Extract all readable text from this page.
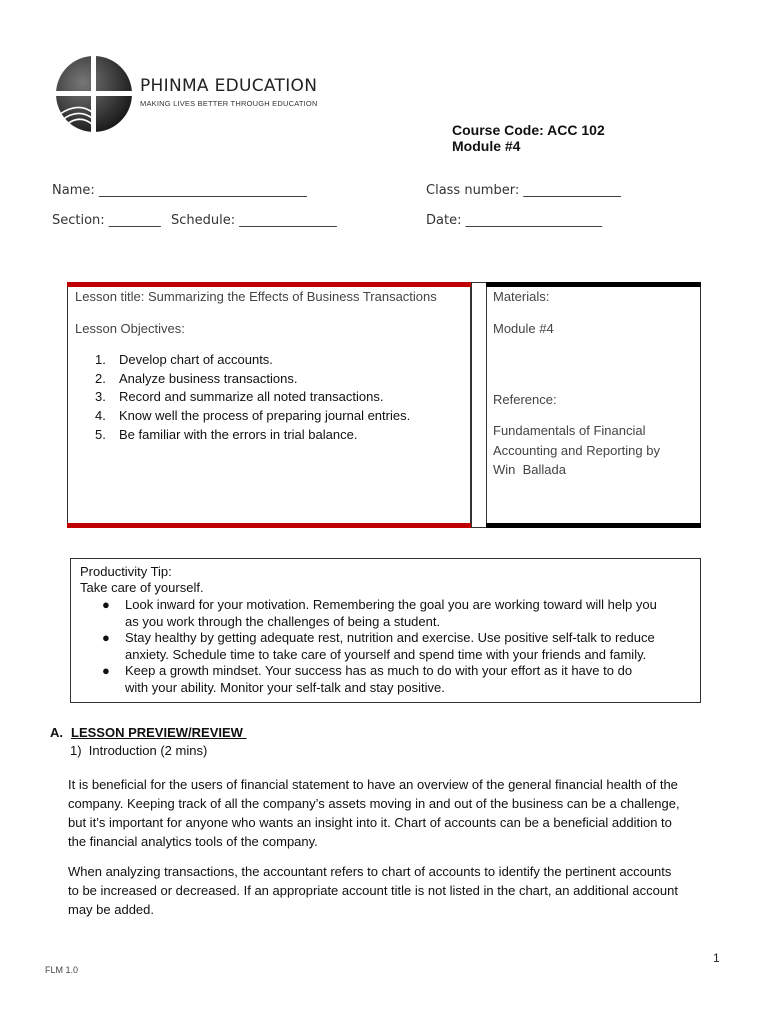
PHINMA EDUCATION
MAKING LIVES BETTER THROUGH EDUCATION
Course Code: ACC 102
Module #4
Name: ________________________________	Class number: _______________
Section: ________ Schedule: _______________	Date: _____________________
Lesson title: Summarizing the Effects of Business Transactions
Lesson Objectives:
1. Develop chart of accounts.
2. Analyze business transactions.
3. Record and summarize all noted transactions.
4. Know well the process of preparing journal entries.
5. Be familiar with the errors in trial balance.
Materials:
Module #4
Reference:
Fundamentals of Financial
Accounting and Reporting by
Win  Ballada
Productivity Tip:
Take care of yourself.
● Look inward for your motivation. Remembering the goal you are working toward will help you
as you work through the challenges of being a student.
● Stay healthy by getting adequate rest, nutrition and exercise. Use positive self-talk to reduce
anxiety. Schedule time to take care of yourself and spend time with your friends and family.
● Keep a growth mindset. Your success has as much to do with your effort as it have to do
with your ability. Monitor your self-talk and stay positive.
A. LESSON PREVIEW/REVIEW
1)  Introduction (2 mins)
It is beneficial for the users of financial statement to have an overview of the general financial health of the
company. Keeping track of all the company’s assets moving in and out of the business can be a challenge,
but it’s important for anyone who wants an insight into it. Chart of accounts can be a beneficial addition to
the financial analytics tools of the company.
When analyzing transactions, the accountant refers to chart of accounts to identify the pertinent accounts
to be increased or decreased. If an appropriate account title is not listed in the chart, an additional account
may be added.
1
FLM 1.0
